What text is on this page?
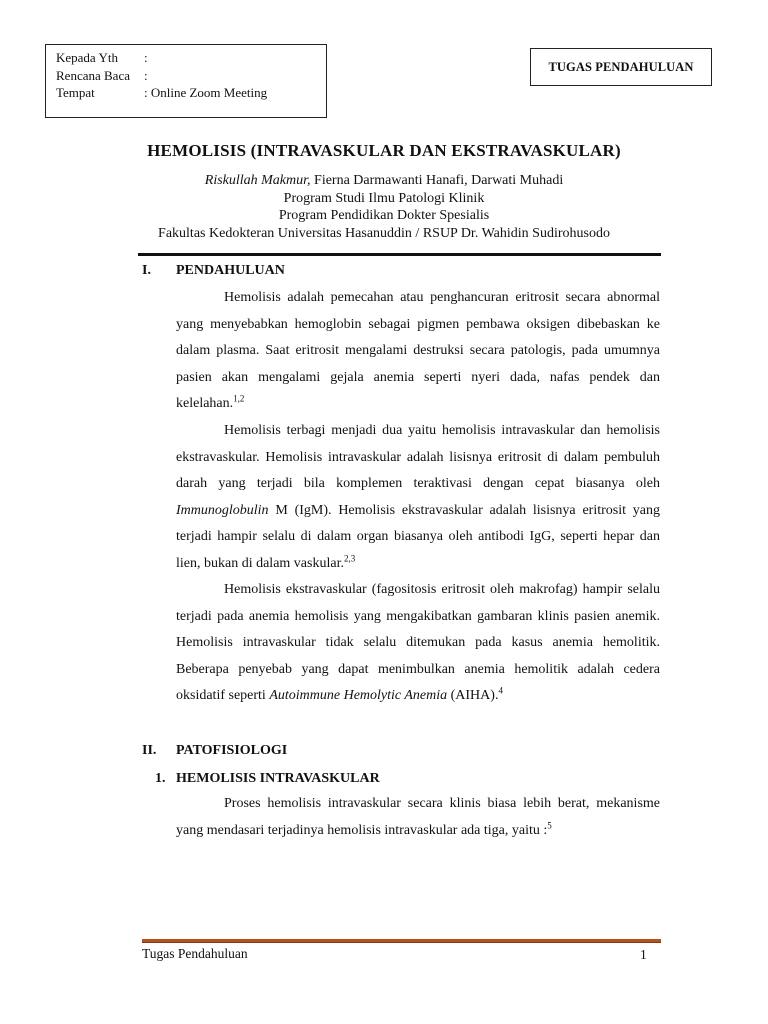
Kepada Yth	:
Rencana Baca	:
Tempat	: Online Zoom Meeting
TUGAS PENDAHULUAN
HEMOLISIS (INTRAVASKULAR DAN EKSTRAVASKULAR)
Riskullah Makmur, Fierna Darmawanti Hanafi, Darwati Muhadi
Program Studi Ilmu Patologi Klinik
Program Pendidikan Dokter Spesialis
Fakultas Kedokteran Universitas Hasanuddin / RSUP Dr. Wahidin Sudirohusodo
I. PENDAHULUAN
Hemolisis adalah pemecahan atau penghancuran eritrosit secara abnormal yang menyebabkan hemoglobin sebagai pigmen pembawa oksigen dibebaskan ke dalam plasma. Saat eritrosit mengalami destruksi secara patologis, pada umumnya pasien akan mengalami gejala anemia seperti nyeri dada, nafas pendek dan kelelahan.$^{1,2}$
Hemolisis terbagi menjadi dua yaitu hemolisis intravaskular dan hemolisis ekstravaskular. Hemolisis intravaskular adalah lisisnya eritrosit di dalam pembuluh darah yang terjadi bila komplemen teraktivasi dengan cepat biasanya oleh Immunoglobulin M (IgM). Hemolisis ekstravaskular adalah lisisnya eritrosit yang terjadi hampir selalu di dalam organ biasanya oleh antibodi IgG, seperti hepar dan lien, bukan di dalam vaskular.$^{2,3}$
Hemolisis ekstravaskular (fagositosis eritrosit oleh makrofag) hampir selalu terjadi pada anemia hemolisis yang mengakibatkan gambaran klinis pasien anemik. Hemolisis intravaskular tidak selalu ditemukan pada kasus anemia hemolitik. Beberapa penyebab yang dapat menimbulkan anemia hemolitik adalah cedera oksidatif seperti Autoimmune Hemolytic Anemia (AIHA).$^4$
II. PATOFISIOLOGI
1. HEMOLISIS INTRAVASKULAR
Proses hemolisis intravaskular secara klinis biasa lebih berat, mekanisme yang mendasari terjadinya hemolisis intravaskular ada tiga, yaitu :$^5$
Tugas Pendahuluan	1
